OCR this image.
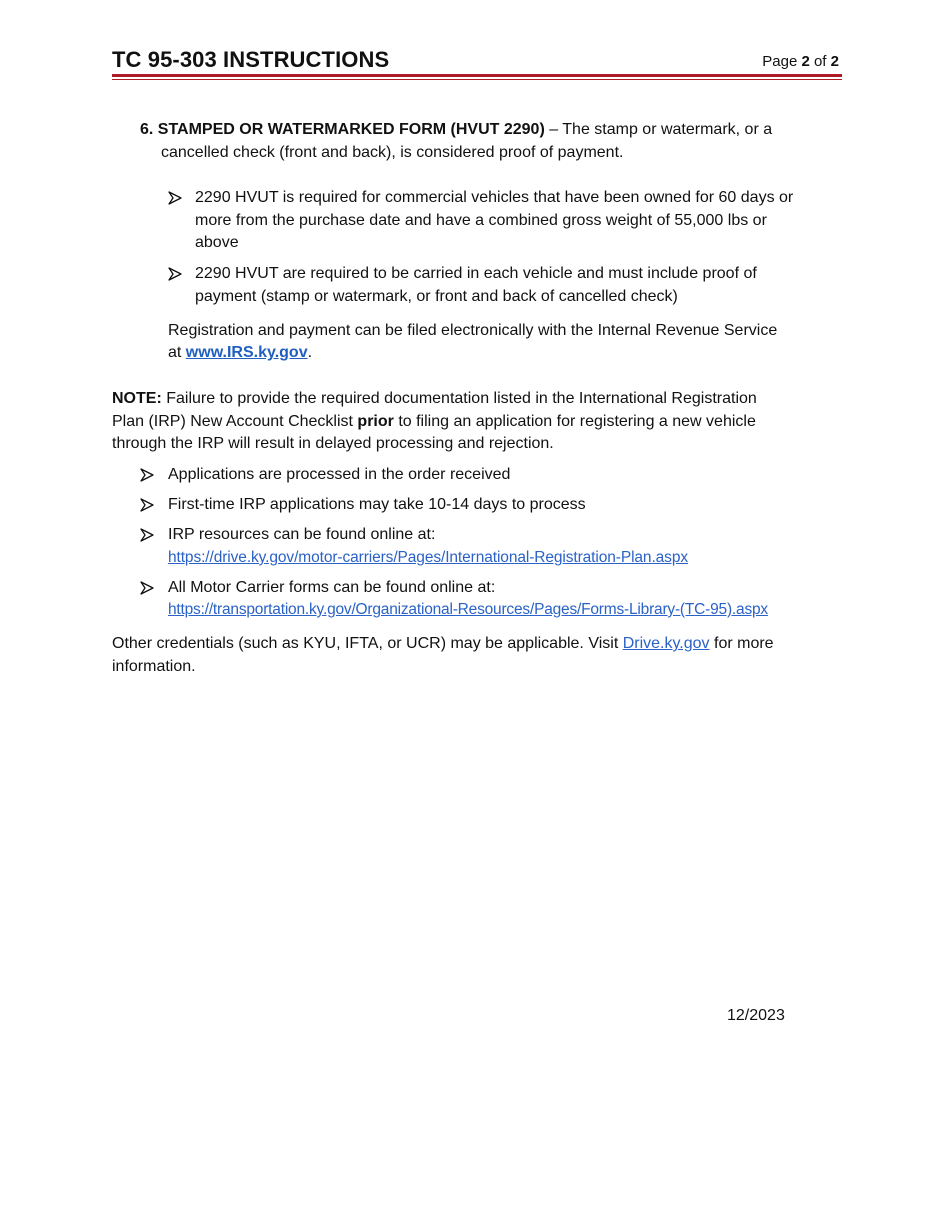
TC 95-303 INSTRUCTIONS	Page 2 of 2
6. STAMPED OR WATERMARKED FORM (HVUT 2290) – The stamp or watermark, or a
cancelled check (front and back), is considered proof of payment.
2290 HVUT is required for commercial vehicles that have been owned for 60 days or
more from the purchase date and have a combined gross weight of 55,000 lbs or
above
2290 HVUT are required to be carried in each vehicle and must include proof of
payment (stamp or watermark, or front and back of cancelled check)
Registration and payment can be filed electronically with the Internal Revenue Service
at www.IRS.ky.gov.
NOTE: Failure to provide the required documentation listed in the International Registration
Plan (IRP) New Account Checklist prior to filing an application for registering a new vehicle
through the IRP will result in delayed processing and rejection.
Applications are processed in the order received
First-time IRP applications may take 10-14 days to process
IRP resources can be found online at:
https://drive.ky.gov/motor-carriers/Pages/International-Registration-Plan.aspx
All Motor Carrier forms can be found online at:
https://transportation.ky.gov/Organizational-Resources/Pages/Forms-Library-(TC-95).aspx
Other credentials (such as KYU, IFTA, or UCR) may be applicable. Visit Drive.ky.gov for more
information.
12/2023
